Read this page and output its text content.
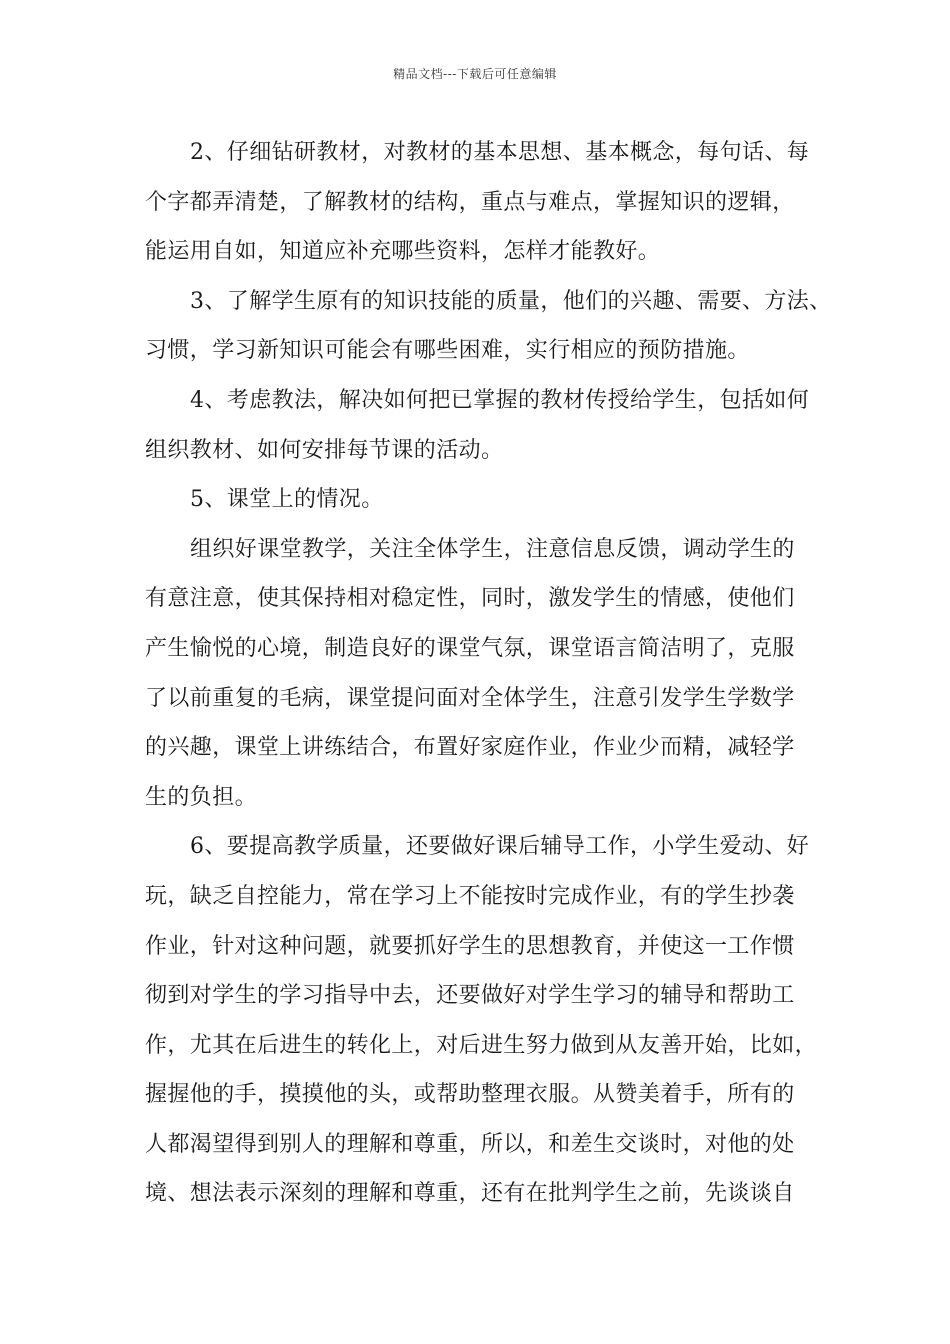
精品文档---下载后可任意编辑
2、仔细钻研教材，对教材的基本思想、基本概念，每句话、每
个字都弄清楚，了解教材的结构，重点与难点，掌握知识的逻辑，
能运用自如，知道应补充哪些资料，怎样才能教好。
3、了解学生原有的知识技能的质量，他们的兴趣、需要、方法、
习惯，学习新知识可能会有哪些困难，实行相应的预防措施。
4、考虑教法，解决如何把已掌握的教材传授给学生，包括如何
组织教材、如何安排每节课的活动。
5、课堂上的情况。
组织好课堂教学，关注全体学生，注意信息反馈，调动学生的
有意注意，使其保持相对稳定性，同时，激发学生的情感，使他们
产生愉悦的心境，制造良好的课堂气氛，课堂语言简洁明了，克服
了以前重复的毛病，课堂提问面对全体学生，注意引发学生学数学
的兴趣，课堂上讲练结合，布置好家庭作业，作业少而精，减轻学
生的负担。
6、要提高教学质量，还要做好课后辅导工作，小学生爱动、好
玩，缺乏自控能力，常在学习上不能按时完成作业，有的学生抄袭
作业，针对这种问题，就要抓好学生的思想教育，并使这一工作惯
彻到对学生的学习指导中去，还要做好对学生学习的辅导和帮助工
作，尤其在后进生的转化上，对后进生努力做到从友善开始，比如，
握握他的手，摸摸他的头，或帮助整理衣服。从赞美着手，所有的
人都渴望得到别人的理解和尊重，所以，和差生交谈时，对他的处
境、想法表示深刻的理解和尊重，还有在批判学生之前，先谈谈自
